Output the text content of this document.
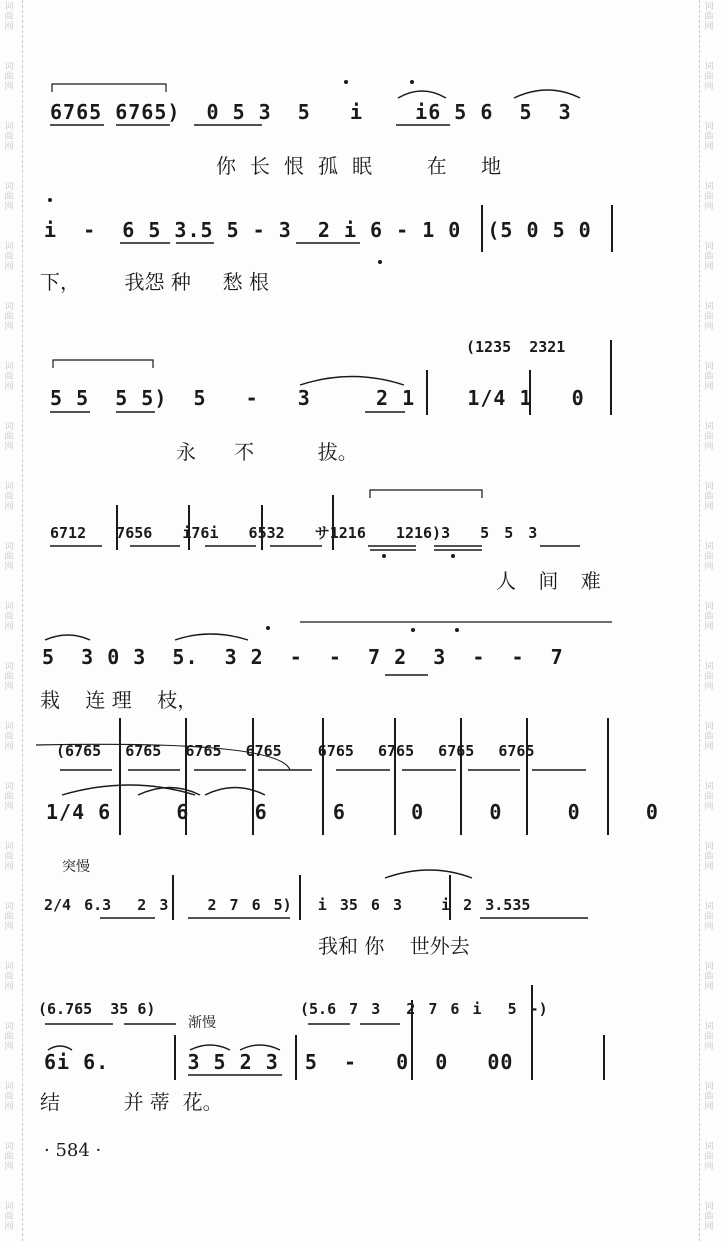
词
曲
网
词
曲
网
词
曲
网
词
曲
网
词
曲
网
词
曲
网
词
曲
网
词
曲
网
词
曲
网
词
曲
网
词
曲
网
词
曲
网
词
曲
网
词
曲
网
词
曲
网
词
曲
网
词
曲
网
词
曲
网
词
曲
网
词
曲
网
词
曲
网
词
曲
网
词
曲
网
词
曲
网
词
曲
网
词
曲
网
词
曲
网
词
曲
网
词
曲
网
词
曲
网
词
曲
网
词
曲
网
词
曲
网
词
曲
网
词
曲
网
词
曲
网
词
曲
网
词
曲
网
词
曲
网
词
曲
网
词
曲
网
词
曲
网
6765 6765)  0 5 3  5   i    i6 5 6  5  3
你长恨孤眠  在 地
i  -  6 5 3.5 5 - 3  2 i 6 - 1 0  (5 0 5 0
下，       我怨 种     愁 根
(1235  2321
5 5  5 5)  5   -   3     2 1    1/4 1   0
永      不          拔。
6712  7656  i76i  6532  サ1216  1216)3  5 5 3
人 间 难
5  3 0 3  5.  3 2  -  -  7 2  3  -  -  7
栽    连 理    枝，
(6765  6765  6765  6765   6765  6765  6765  6765
1/4 6     6     6     6     0     0     0     0
突慢
2/4 6.3  2 3   2 7 6 5)  i 35 6 3   i 2 3.535
我和 你    世外去
(6.765  35 6)
渐慢
(5.6 7 3  2 7 6 i  5 -)
6i 6.      3 5 2 3  5  -   0  0   00
结          并 蒂  花。
· 584 ·
